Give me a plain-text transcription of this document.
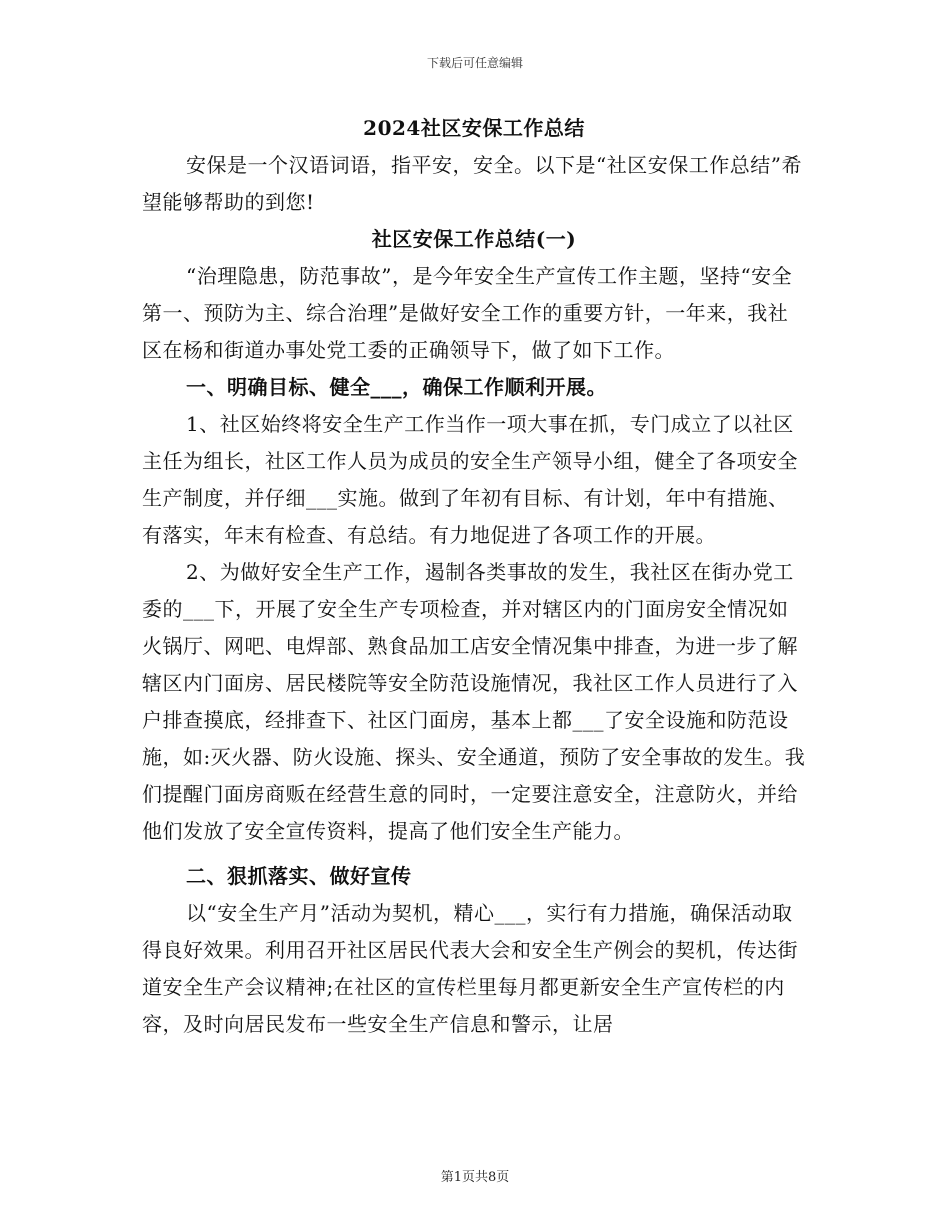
下载后可任意编辑

2024社区安保工作总结

安保是一个汉语词语，指平安，安全。以下是“社区安保工作总结”希望能够帮助的到您!

社区安保工作总结(一)

“治理隐患，防范事故”，是今年安全生产宣传工作主题，坚持“安全第一、预防为主、综合治理”是做好安全工作的重要方针，一年来，我社区在杨和街道办事处党工委的正确领导下，做了如下工作。

一、明确目标、健全___，确保工作顺利开展。

1、社区始终将安全生产工作当作一项大事在抓，专门成立了以社区主任为组长，社区工作人员为成员的安全生产领导小组，健全了各项安全生产制度，并仔细___实施。做到了年初有目标、有计划，年中有措施、有落实，年末有检查、有总结。有力地促进了各项工作的开展。

2、为做好安全生产工作，遏制各类事故的发生，我社区在街办党工委的___下，开展了安全生产专项检查，并对辖区内的门面房安全情况如火锅厅、网吧、电焊部、熟食品加工店安全情况集中排查，为进一步了解辖区内门面房、居民楼院等安全防范设施情况，我社区工作人员进行了入户排查摸底，经排查下、社区门面房，基本上都___了安全设施和防范设施，如:灭火器、防火设施、探头、安全通道，预防了安全事故的发生。我们提醒门面房商贩在经营生意的同时，一定要注意安全，注意防火，并给他们发放了安全宣传资料，提高了他们安全生产能力。

二、狠抓落实、做好宣传

以“安全生产月”活动为契机，精心___，实行有力措施，确保活动取得良好效果。利用召开社区居民代表大会和安全生产例会的契机，传达街道安全生产会议精神;在社区的宣传栏里每月都更新安全生产宣传栏的内容，及时向居民发布一些安全生产信息和警示，让居

第1页共8页
